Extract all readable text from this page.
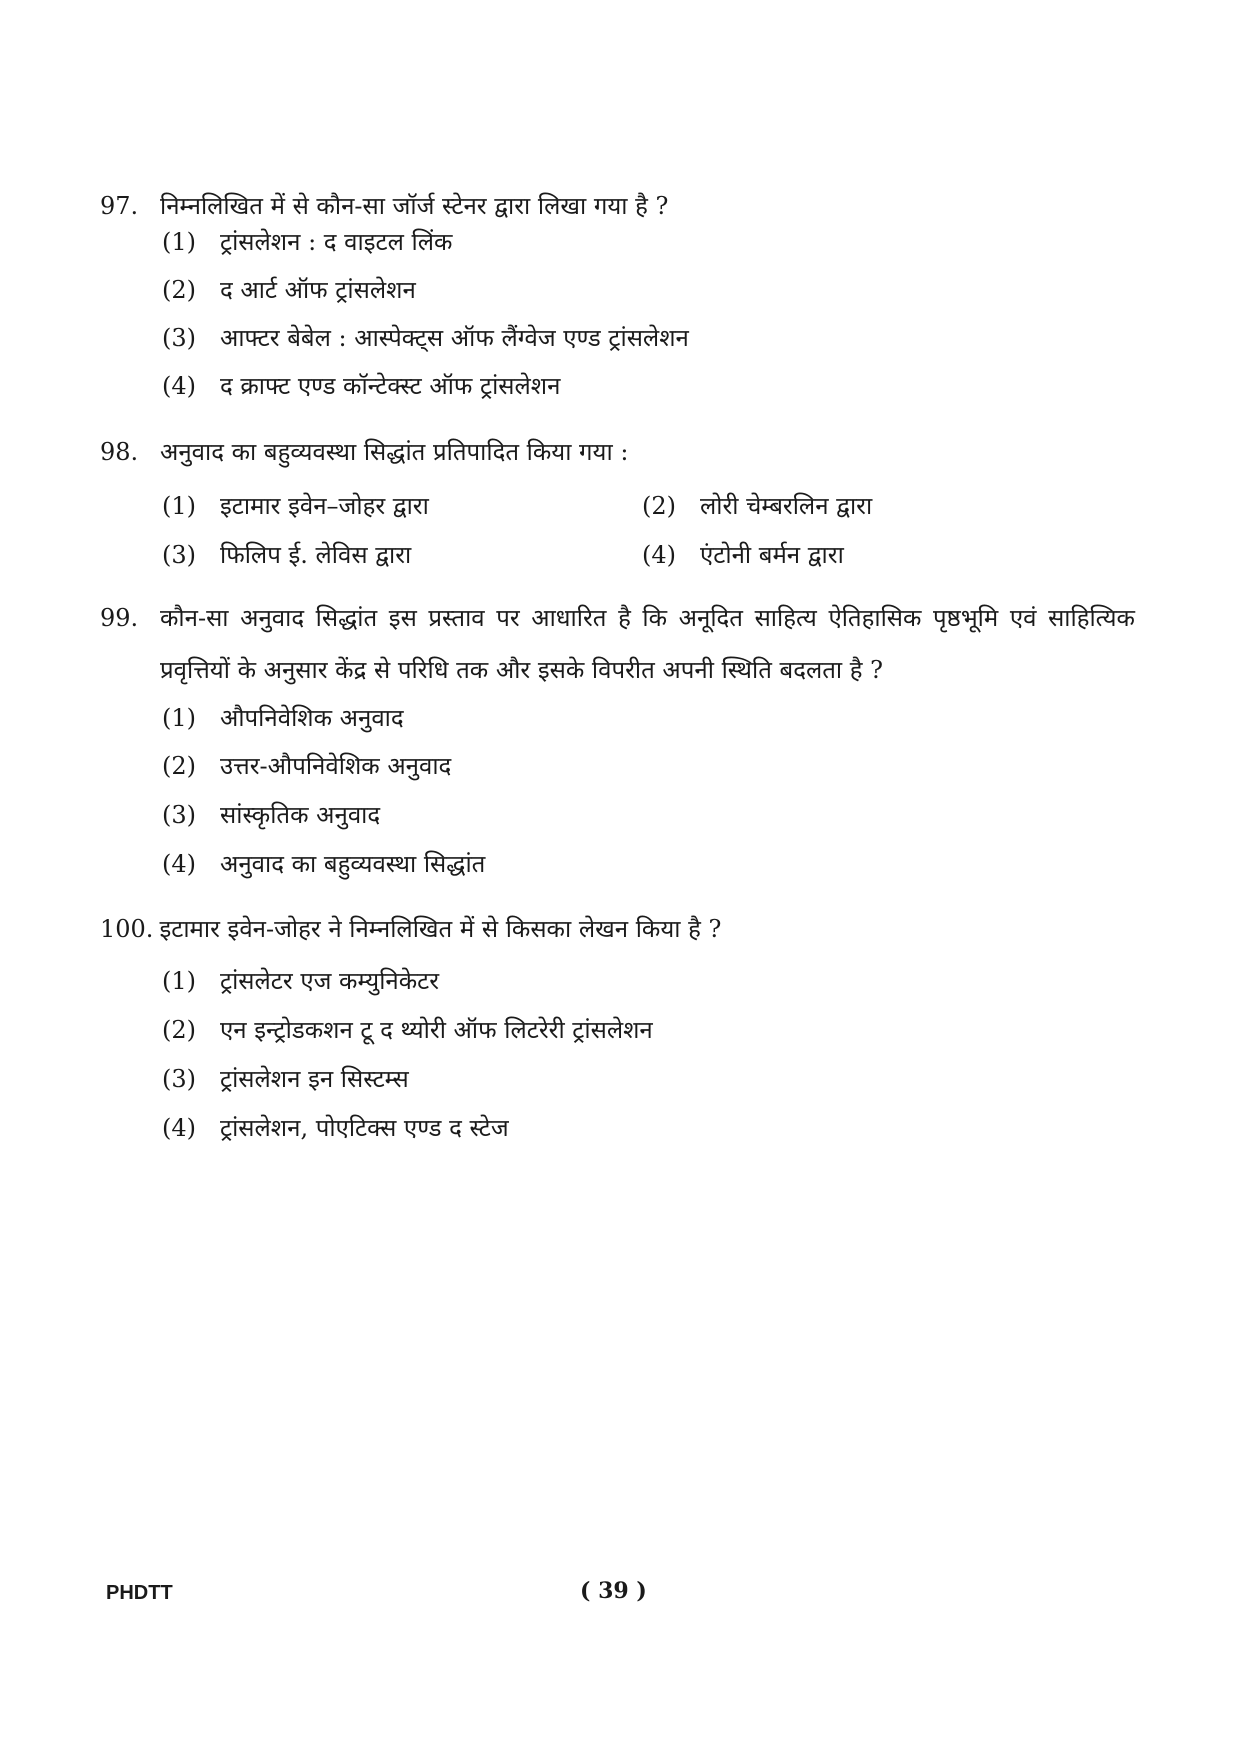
97. निम्नलिखित में से कौन-सा जॉर्ज स्टेनर द्वारा लिखा गया है ?
(1) ट्रांसलेशन : द वाइटल लिंक
(2) द आर्ट ऑफ ट्रांसलेशन
(3) आफ्टर बेबेल : आस्पेक्ट्स ऑफ लैंग्वेज एण्ड ट्रांसलेशन
(4) द क्राफ्ट एण्ड कॉन्टेक्स्ट ऑफ ट्रांसलेशन
98. अनुवाद का बहुव्यवस्था सिद्धांत प्रतिपादित किया गया :
(1) इटामार इवेन–जोहर द्वारा	(2) लोरी चेम्बरलिन द्वारा
(3) फिलिप ई. लेविस द्वारा	(4) एंटोनी बर्मन द्वारा
99. कौन-सा अनुवाद सिद्धांत इस प्रस्ताव पर आधारित है कि अनूदित साहित्य ऐतिहासिक पृष्ठभूमि एवं साहित्यिक प्रवृत्तियों के अनुसार केंद्र से परिधि तक और इसके विपरीत अपनी स्थिति बदलता है ?
(1) औपनिवेशिक अनुवाद
(2) उत्तर-औपनिवेशिक अनुवाद
(3) सांस्कृतिक अनुवाद
(4) अनुवाद का बहुव्यवस्था सिद्धांत
100. इटामार इवेन-जोहर ने निम्नलिखित में से किसका लेखन किया है ?
(1) ट्रांसलेटर एज कम्युनिकेटर
(2) एन इन्ट्रोडकशन टू द थ्योरी ऑफ लिटरेरी ट्रांसलेशन
(3) ट्रांसलेशन इन सिस्टम्स
(4) ट्रांसलेशन, पोएटिक्स एण्ड द स्टेज
PHDTT	( 39 )
